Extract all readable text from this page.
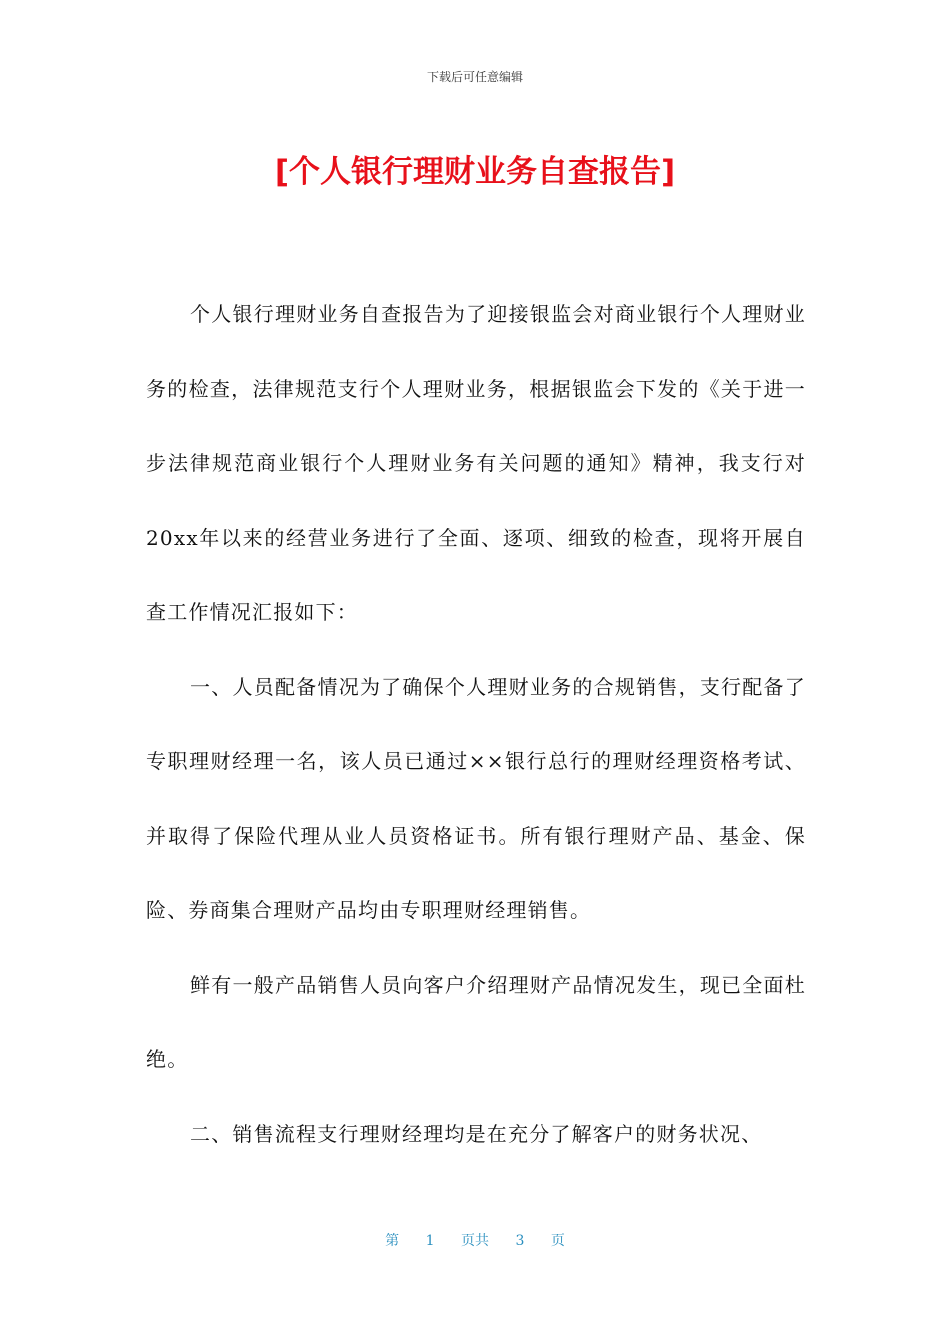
下载后可任意编辑
[个人银行理财业务自查报告]

个人银行理财业务自查报告为了迎接银监会对商业银行个人理财业务的检查，法律规范支行个人理财业务，根据银监会下发的《关于进一步法律规范商业银行个人理财业务有关问题的通知》精神，我支行对20xx年以来的经营业务进行了全面、逐项、细致的检查，现将开展自查工作情况汇报如下：

一、人员配备情况为了确保个人理财业务的合规销售，支行配备了专职理财经理一名，该人员已通过××银行总行的理财经理资格考试、并取得了保险代理从业人员资格证书。所有银行理财产品、基金、保险、券商集合理财产品均由专职理财经理销售。

鲜有一般产品销售人员向客户介绍理财产品情况发生，现已全面杜绝。

二、销售流程支行理财经理均是在充分了解客户的财务状况、

第 1 页共 3 页
